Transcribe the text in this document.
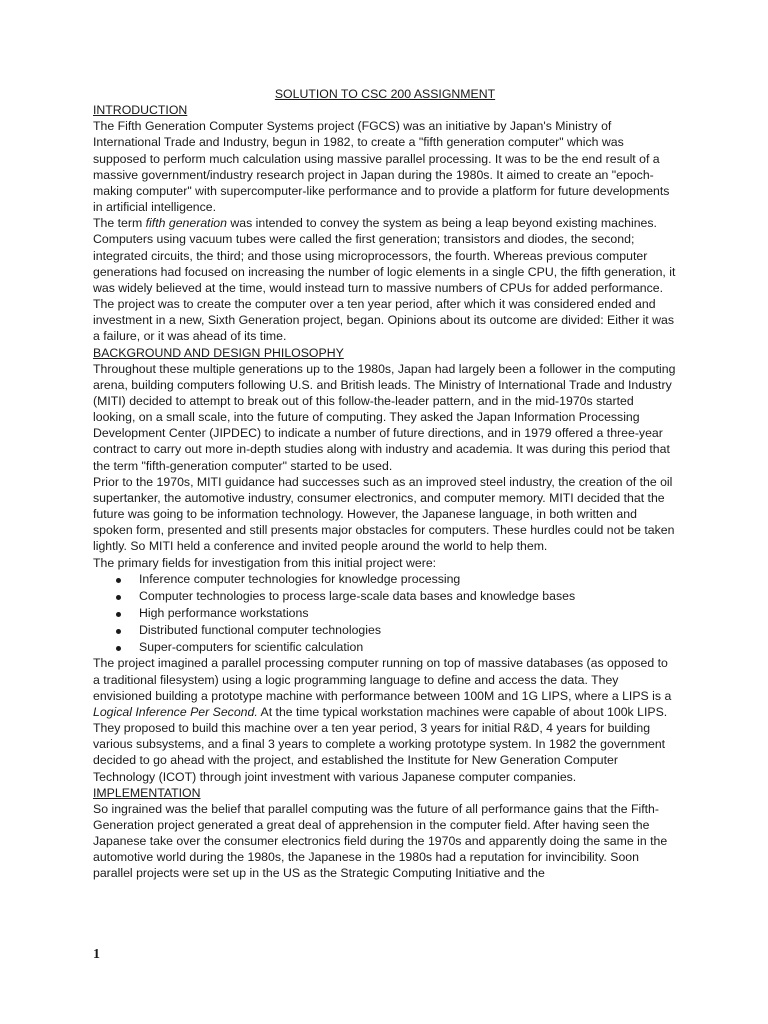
SOLUTION TO CSC 200 ASSIGNMENT

INTRODUCTION

The Fifth Generation Computer Systems project (FGCS) was an initiative by Japan's Ministry of International Trade and Industry, begun in 1982, to create a "fifth generation computer" which was supposed to perform much calculation using massive parallel processing. It was to be the end result of a massive government/industry research project in Japan during the 1980s. It aimed to create an "epoch-making computer" with supercomputer-like performance and to provide a platform for future developments in artificial intelligence.

The term fifth generation was intended to convey the system as being a leap beyond existing machines. Computers using vacuum tubes were called the first generation; transistors and diodes, the second; integrated circuits, the third; and those using microprocessors, the fourth. Whereas previous computer generations had focused on increasing the number of logic elements in a single CPU, the fifth generation, it was widely believed at the time, would instead turn to massive numbers of CPUs for added performance.

The project was to create the computer over a ten year period, after which it was considered ended and investment in a new, Sixth Generation project, began. Opinions about its outcome are divided: Either it was a failure, or it was ahead of its time.

BACKGROUND AND DESIGN PHILOSOPHY

Throughout these multiple generations up to the 1980s, Japan had largely been a follower in the computing arena, building computers following U.S. and British leads. The Ministry of International Trade and Industry (MITI) decided to attempt to break out of this follow-the-leader pattern, and in the mid-1970s started looking, on a small scale, into the future of computing. They asked the Japan Information Processing Development Center (JIPDEC) to indicate a number of future directions, and in 1979 offered a three-year contract to carry out more in-depth studies along with industry and academia. It was during this period that the term "fifth-generation computer" started to be used.

Prior to the 1970s, MITI guidance had successes such as an improved steel industry, the creation of the oil supertanker, the automotive industry, consumer electronics, and computer memory. MITI decided that the future was going to be information technology. However, the Japanese language, in both written and spoken form, presented and still presents major obstacles for computers. These hurdles could not be taken lightly. So MITI held a conference and invited people around the world to help them.

The primary fields for investigation from this initial project were:

Inference computer technologies for knowledge processing
Computer technologies to process large-scale data bases and knowledge bases
High performance workstations
Distributed functional computer technologies
Super-computers for scientific calculation

The project imagined a parallel processing computer running on top of massive databases (as opposed to a traditional filesystem) using a logic programming language to define and access the data. They envisioned building a prototype machine with performance between 100M and 1G LIPS, where a LIPS is a Logical Inference Per Second. At the time typical workstation machines were capable of about 100k LIPS. They proposed to build this machine over a ten year period, 3 years for initial R&D, 4 years for building various subsystems, and a final 3 years to complete a working prototype system. In 1982 the government decided to go ahead with the project, and established the Institute for New Generation Computer Technology (ICOT) through joint investment with various Japanese computer companies.

IMPLEMENTATION

So ingrained was the belief that parallel computing was the future of all performance gains that the Fifth-Generation project generated a great deal of apprehension in the computer field. After having seen the Japanese take over the consumer electronics field during the 1970s and apparently doing the same in the automotive world during the 1980s, the Japanese in the 1980s had a reputation for invincibility. Soon parallel projects were set up in the US as the Strategic Computing Initiative and the

1
